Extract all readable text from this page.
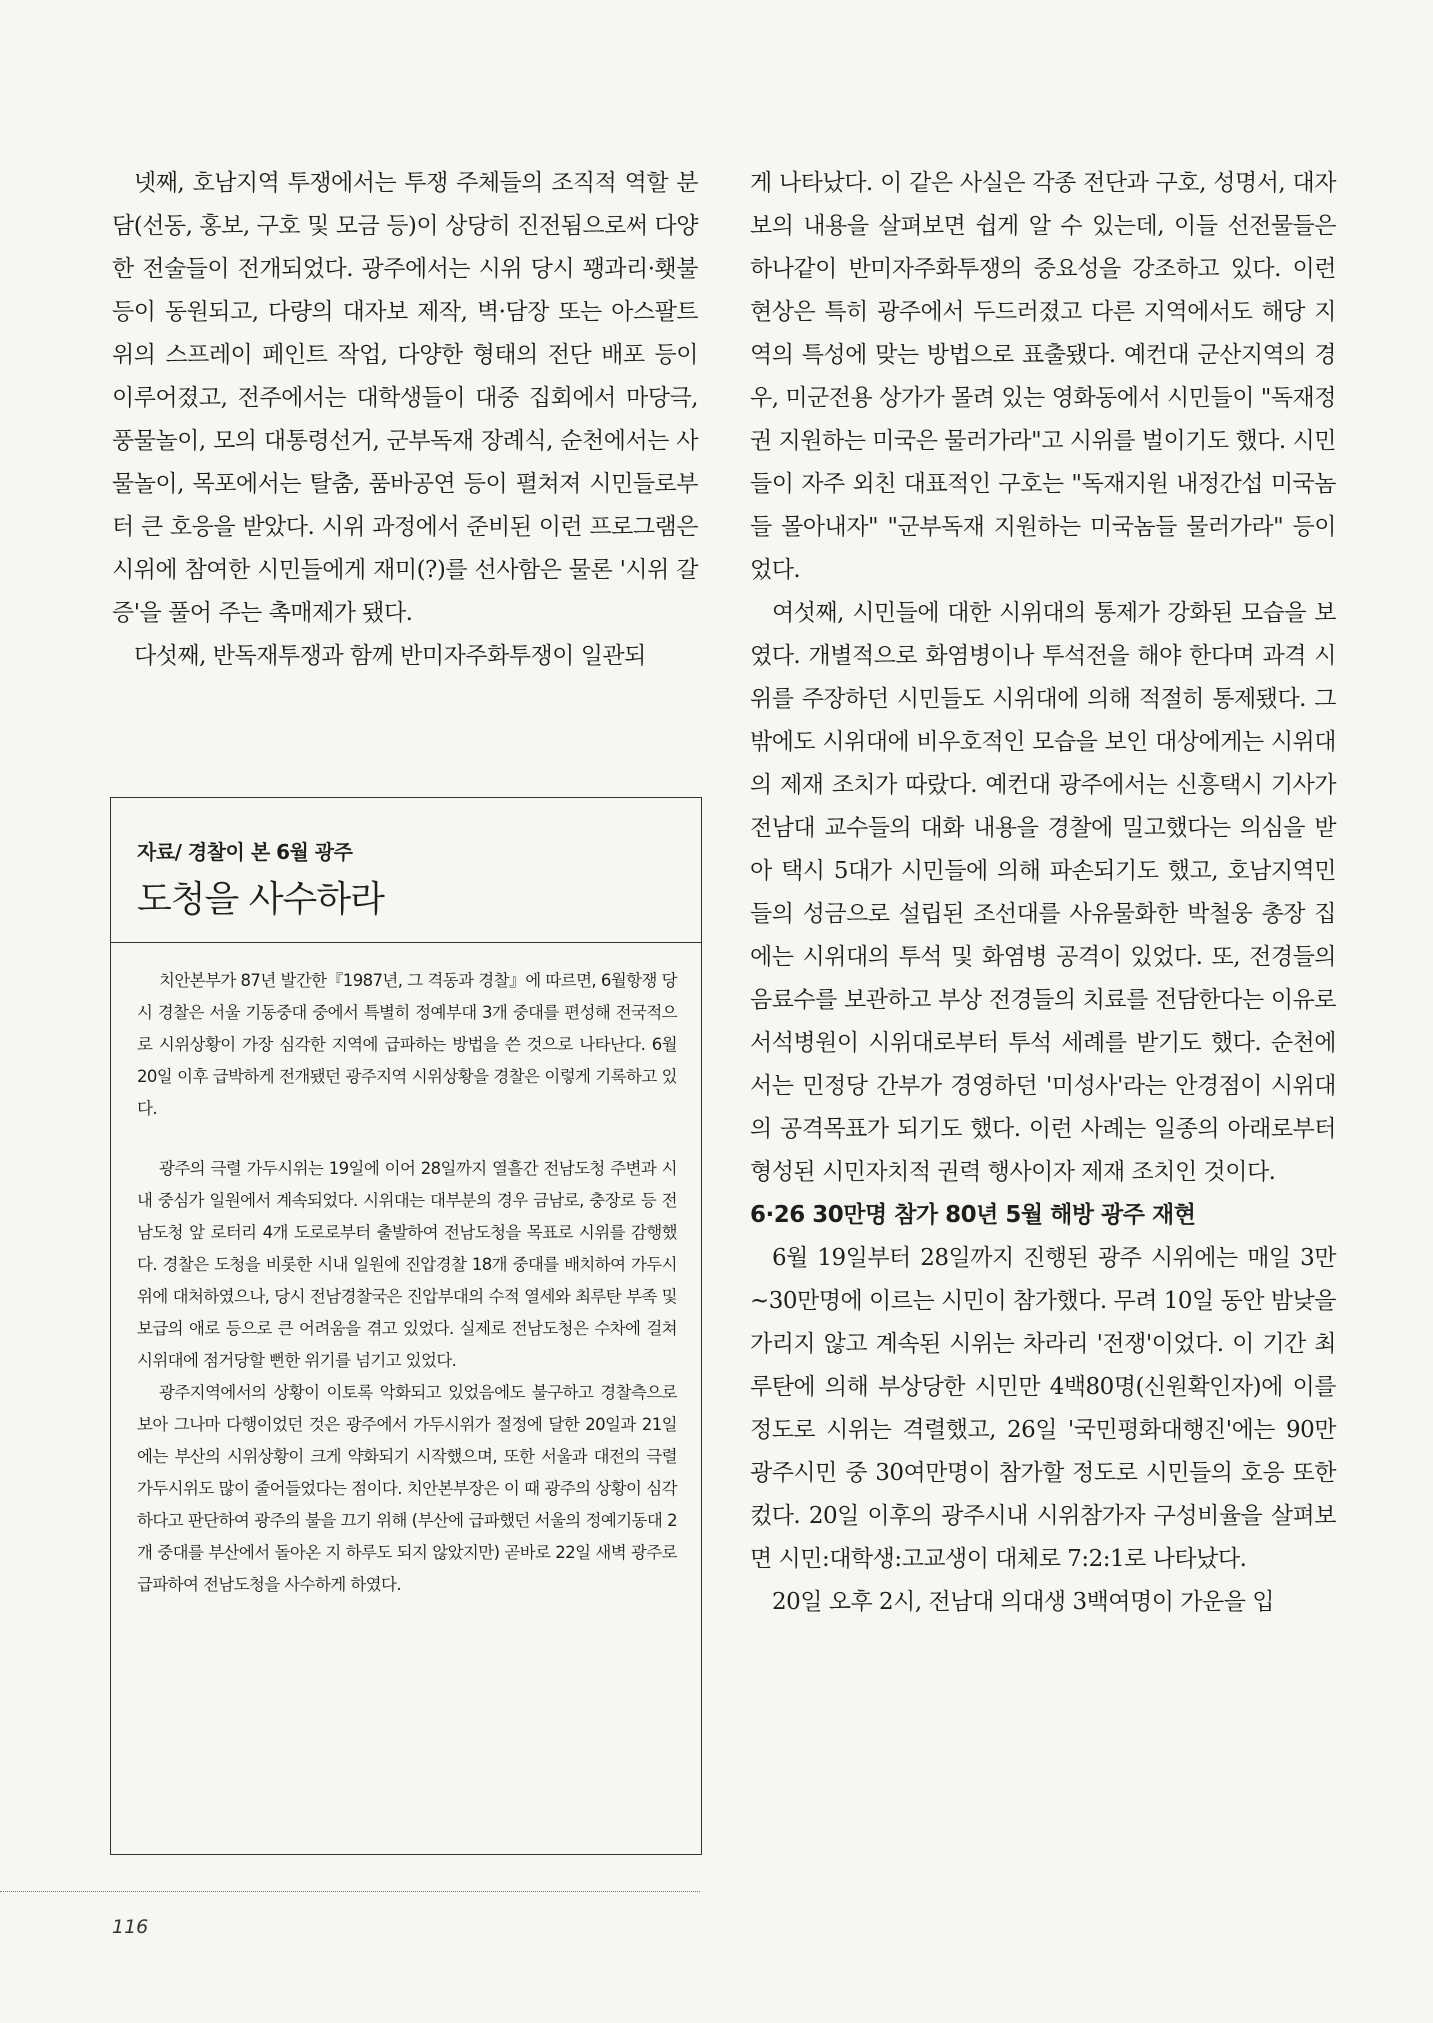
넷째, 호남지역 투쟁에서는 투쟁 주체들의 조직적 역할 분담(선동, 홍보, 구호 및 모금 등)이 상당히 진전됨으로써 다양한 전술들이 전개되었다. 광주에서는 시위 당시 꽹과리·횃불 등이 동원되고, 다량의 대자보 제작, 벽·담장 또는 아스팔트 위의 스프레이 페인트 작업, 다양한 형태의 전단 배포 등이 이루어졌고, 전주에서는 대학생들이 대중 집회에서 마당극, 풍물놀이, 모의 대통령선거, 군부독재 장례식, 순천에서는 사물놀이, 목포에서는 탈춤, 품바공연 등이 펼쳐져 시민들로부터 큰 호응을 받았다. 시위 과정에서 준비된 이런 프로그램은 시위에 참여한 시민들에게 재미(?)를 선사함은 물론 '시위 갈증'을 풀어 주는 촉매제가 됐다.

다섯째, 반독재투쟁과 함께 반미자주화투쟁이 일관되

자료/ 경찰이 본 6월 광주
도청을 사수하라

치안본부가 87년 발간한『1987년, 그 격동과 경찰』에 따르면, 6월항쟁 당시 경찰은 서울 기동중대 중에서 특별히 정예부대 3개 중대를 편성해 전국적으로 시위상황이 가장 심각한 지역에 급파하는 방법을 쓴 것으로 나타난다. 6월 20일 이후 급박하게 전개됐던 광주지역 시위상황을 경찰은 이렇게 기록하고 있다.

광주의 극렬 가두시위는 19일에 이어 28일까지 열흘간 전남도청 주변과 시내 중심가 일원에서 계속되었다. 시위대는 대부분의 경우 금남로, 충장로 등 전남도청 앞 로터리 4개 도로로부터 출발하여 전남도청을 목표로 시위를 감행했다. 경찰은 도청을 비롯한 시내 일원에 진압경찰 18개 중대를 배치하여 가두시위에 대처하였으나, 당시 전남경찰국은 진압부대의 수적 열세와 최루탄 부족 및 보급의 애로 등으로 큰 어려움을 겪고 있었다. 실제로 전남도청은 수차에 걸쳐 시위대에 점거당할 뻔한 위기를 넘기고 있었다.

광주지역에서의 상황이 이토록 악화되고 있었음에도 불구하고 경찰측으로 보아 그나마 다행이었던 것은 광주에서 가두시위가 절정에 달한 20일과 21일에는 부산의 시위상황이 크게 약화되기 시작했으며, 또한 서울과 대전의 극렬 가두시위도 많이 줄어들었다는 점이다. 치안본부장은 이 때 광주의 상황이 심각하다고 판단하여 광주의 불을 끄기 위해 (부산에 급파했던 서울의 정예기동대 2개 중대를 부산에서 돌아온 지 하루도 되지 않았지만) 곧바로 22일 새벽 광주로 급파하여 전남도청을 사수하게 하였다.

게 나타났다. 이 같은 사실은 각종 전단과 구호, 성명서, 대자보의 내용을 살펴보면 쉽게 알 수 있는데, 이들 선전물들은 하나같이 반미자주화투쟁의 중요성을 강조하고 있다. 이런 현상은 특히 광주에서 두드러졌고 다른 지역에서도 해당 지역의 특성에 맞는 방법으로 표출됐다. 예컨대 군산지역의 경우, 미군전용 상가가 몰려 있는 영화동에서 시민들이 "독재정권 지원하는 미국은 물러가라"고 시위를 벌이기도 했다. 시민들이 자주 외친 대표적인 구호는 "독재지원 내정간섭 미국놈들 몰아내자" "군부독재 지원하는 미국놈들 물러가라" 등이었다.

여섯째, 시민들에 대한 시위대의 통제가 강화된 모습을 보였다. 개별적으로 화염병이나 투석전을 해야 한다며 과격 시위를 주장하던 시민들도 시위대에 의해 적절히 통제됐다. 그 밖에도 시위대에 비우호적인 모습을 보인 대상에게는 시위대의 제재 조치가 따랐다. 예컨대 광주에서는 신흥택시 기사가 전남대 교수들의 대화 내용을 경찰에 밀고했다는 의심을 받아 택시 5대가 시민들에 의해 파손되기도 했고, 호남지역민들의 성금으로 설립된 조선대를 사유물화한 박철웅 총장 집에는 시위대의 투석 및 화염병 공격이 있었다. 또, 전경들의 음료수를 보관하고 부상 전경들의 치료를 전담한다는 이유로 서석병원이 시위대로부터 투석 세례를 받기도 했다. 순천에서는 민정당 간부가 경영하던 '미성사'라는 안경점이 시위대의 공격목표가 되기도 했다. 이런 사례는 일종의 아래로부터 형성된 시민자치적 권력 행사이자 제재 조치인 것이다.

6·26 30만명 참가 80년 5월 해방 광주 재현

6월 19일부터 28일까지 진행된 광주 시위에는 매일 3만~30만명에 이르는 시민이 참가했다. 무려 10일 동안 밤낮을 가리지 않고 계속된 시위는 차라리 '전쟁'이었다. 이 기간 최루탄에 의해 부상당한 시민만 4백80명(신원확인자)에 이를 정도로 시위는 격렬했고, 26일 '국민평화대행진'에는 90만 광주시민 중 30여만명이 참가할 정도로 시민들의 호응 또한 컸다. 20일 이후의 광주시내 시위참가자 구성비율을 살펴보면 시민:대학생:고교생이 대체로 7:2:1로 나타났다.

20일 오후 2시, 전남대 의대생 3백여명이 가운을 입

116
